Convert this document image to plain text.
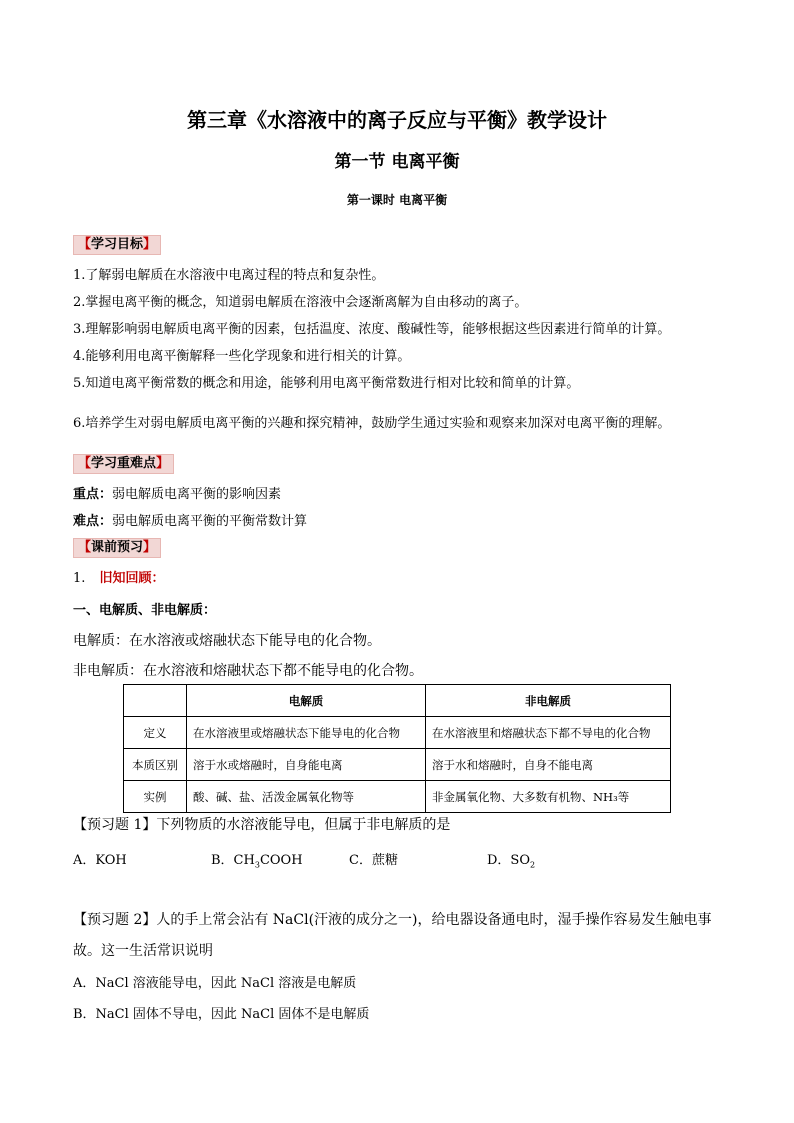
第三章《水溶液中的离子反应与平衡》教学设计
第一节 电离平衡
第一课时 电离平衡
【学习目标】
1.了解弱电解质在水溶液中电离过程的特点和复杂性。
2.掌握电离平衡的概念，知道弱电解质在溶液中会逐渐离解为自由移动的离子。
3.理解影响弱电解质电离平衡的因素，包括温度、浓度、酸碱性等，能够根据这些因素进行简单的计算。
4.能够利用电离平衡解释一些化学现象和进行相关的计算。
5.知道电离平衡常数的概念和用途，能够利用电离平衡常数进行相对比较和简单的计算。
6.培养学生对弱电解质电离平衡的兴趣和探究精神，鼓励学生通过实验和观察来加深对电离平衡的理解。
【学习重难点】
重点：弱电解质电离平衡的影响因素
难点：弱电解质电离平衡的平衡常数计算
【课前预习】
1. 旧知回顾：
一、电解质、非电解质：
电解质：在水溶液或熔融状态下能导电的化合物。
非电解质：在水溶液和熔融状态下都不能导电的化合物。
	电解质	非电解质
定义	在水溶液里或熔融状态下能导电的化合物	在水溶液里和熔融状态下都不导电的化合物
本质区别	溶于水或熔融时，自身能电离	溶于水和熔融时，自身不能电离
实例	酸、碱、盐、活泼金属氧化物等	非金属氧化物、大多数有机物、NH₃等
【预习题 1】下列物质的水溶液能导电，但属于非电解质的是
A．KOH	B．$CH_3COOH$	C．蔗糖	D．$SO_2$
【预习题 2】人的手上常会沾有 NaCl(汗液的成分之一)，给电器设备通电时，湿手操作容易发生触电事
故。这一生活常识说明
A．NaCl 溶液能导电，因此 NaCl 溶液是电解质
B．NaCl 固体不导电，因此 NaCl 固体不是电解质
